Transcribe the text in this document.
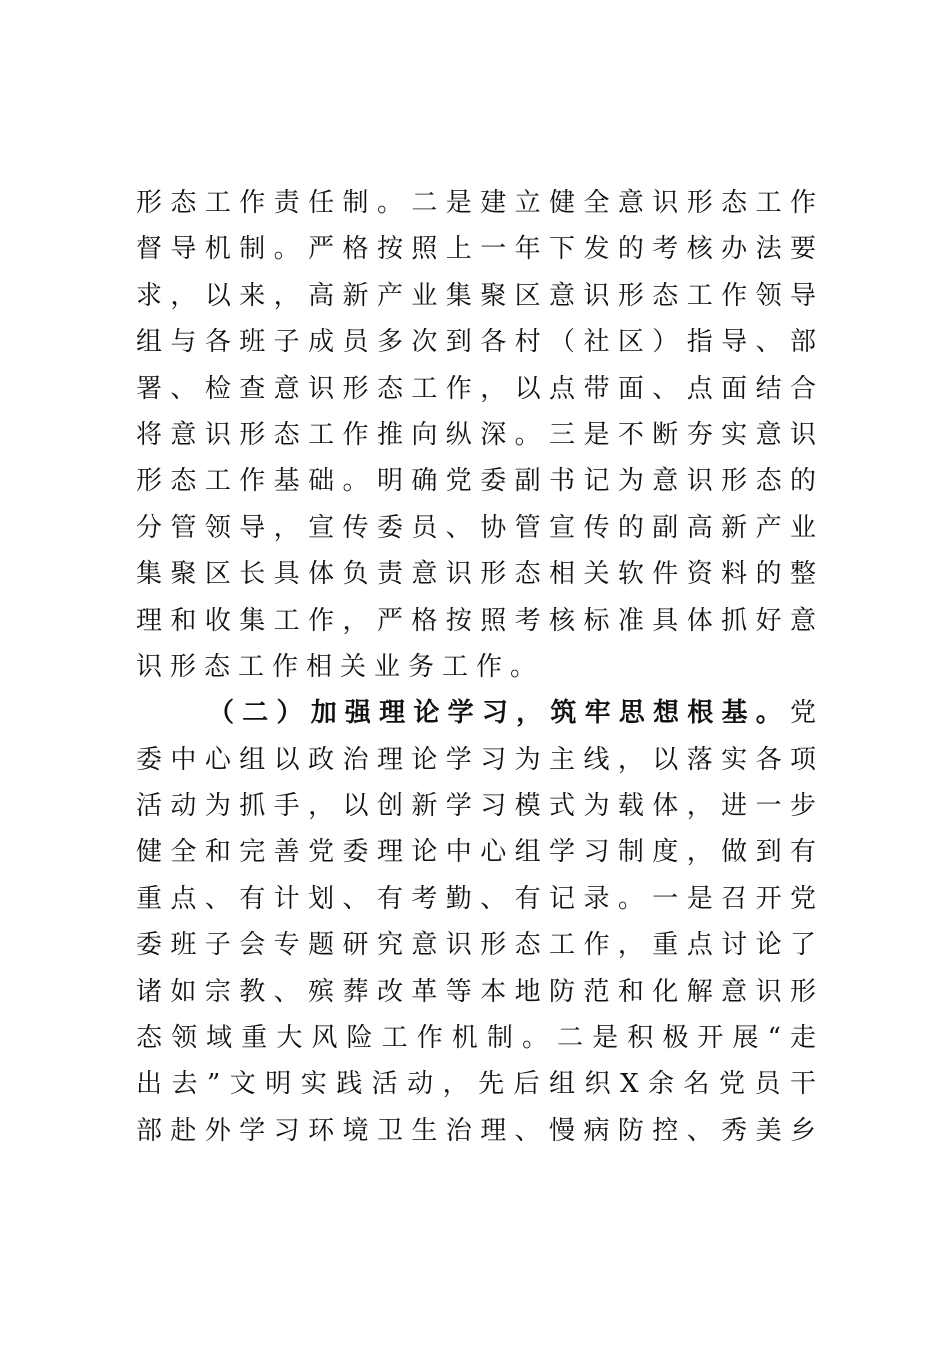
形态工作责任制。二是建立健全意识形态工作
督导机制。严格按照上一年下发的考核办法要
求，以来，高新产业集聚区意识形态工作领导
组与各班子成员多次到各村（社区）指导、部
署、检查意识形态工作，以点带面、点面结合
将意识形态工作推向纵深。三是不断夯实意识
形态工作基础。明确党委副书记为意识形态的
分管领导，宣传委员、协管宣传的副高新产业
集聚区长具体负责意识形态相关软件资料的整
理和收集工作，严格按照考核标准具体抓好意
识形态工作相关业务工作。
（二）加强理论学习，筑牢思想根基。党
委中心组以政治理论学习为主线，以落实各项
活动为抓手，以创新学习模式为载体，进一步
健全和完善党委理论中心组学习制度，做到有
重点、有计划、有考勤、有记录。一是召开党
委班子会专题研究意识形态工作，重点讨论了
诸如宗教、殡葬改革等本地防范和化解意识形
态领域重大风险工作机制。二是积极开展“走
出去”文明实践活动，先后组织X余名党员干
部赴外学习环境卫生治理、慢病防控、秀美乡
